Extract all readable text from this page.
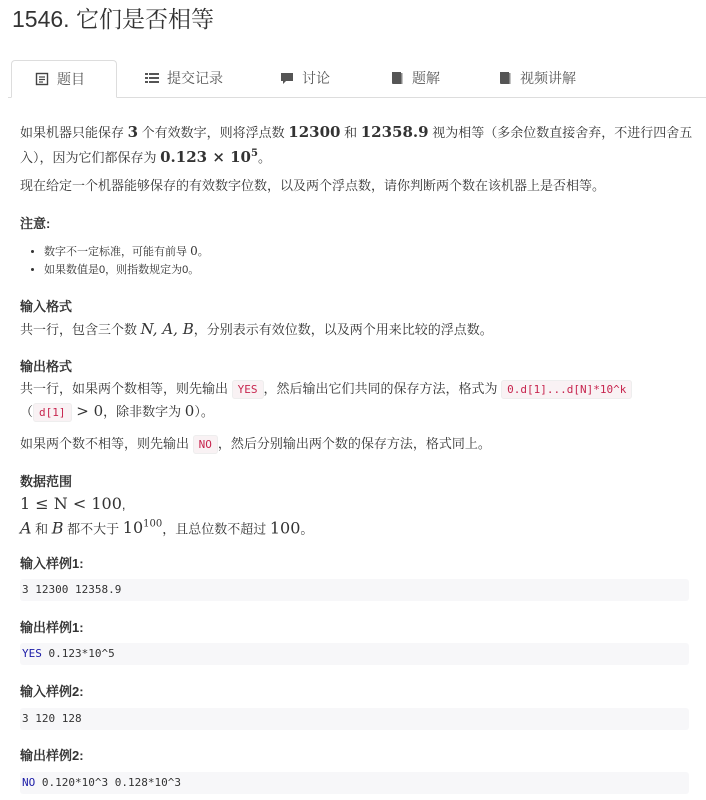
1546. 它们是否相等
题目	提交记录	讨论	题解	视频讲解
如果机器只能保存 3 个有效数字，则将浮点数 12300 和 12358.9 视为相等（多余位数直接舍弃，不进行四舍五
入），因为它们都保存为 $0.123 \times 10^5$。
现在给定一个机器能够保存的有效数字位数，以及两个浮点数，请你判断两个数在该机器上是否相等。
注意:
• 数字不一定标准，可能有前导 0。
• 如果数值是0，则指数规定为0。
输入格式
共一行，包含三个数 N, A, B，分别表示有效位数，以及两个用来比较的浮点数。
输出格式
共一行，如果两个数相等，则先输出 YES ，然后输出它们共同的保存方法，格式为 0.d[1]...d[N]*10^k
（ d[1] > 0，除非数字为 0）。
如果两个数不相等，则先输出 NO ，然后分别输出两个数的保存方法，格式同上。
数据范围
1 ≤ N < 100,
A 和 B 都不大于 $10^{100}$，且总位数不超过 100。
输入样例1:
3 12300 12358.9
输出样例1:
YES 0.123*10^5
输入样例2:
3 120 128
输出样例2:
NO 0.120*10^3 0.128*10^3
